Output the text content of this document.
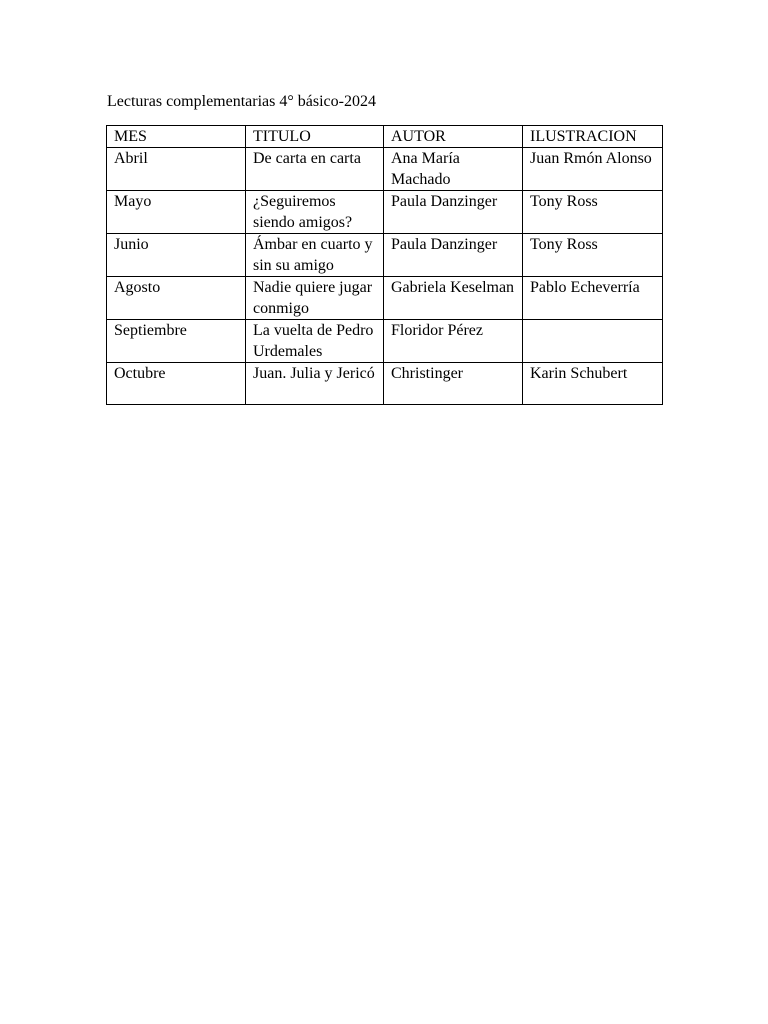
Lecturas complementarias 4° básico-2024
MES	TITULO	AUTOR	ILUSTRACION
Abril	De carta en carta	Ana María Machado	Juan Rmón Alonso
Mayo	¿Seguiremos siendo amigos?	Paula Danzinger	Tony Ross
Junio	Ámbar en cuarto y sin su amigo	Paula Danzinger	Tony Ross
Agosto	Nadie quiere jugar conmigo	Gabriela Keselman	Pablo Echeverría
Septiembre	La vuelta de Pedro Urdemales	Floridor Pérez	
Octubre	Juan. Julia y Jericó	Christinger	Karin Schubert
